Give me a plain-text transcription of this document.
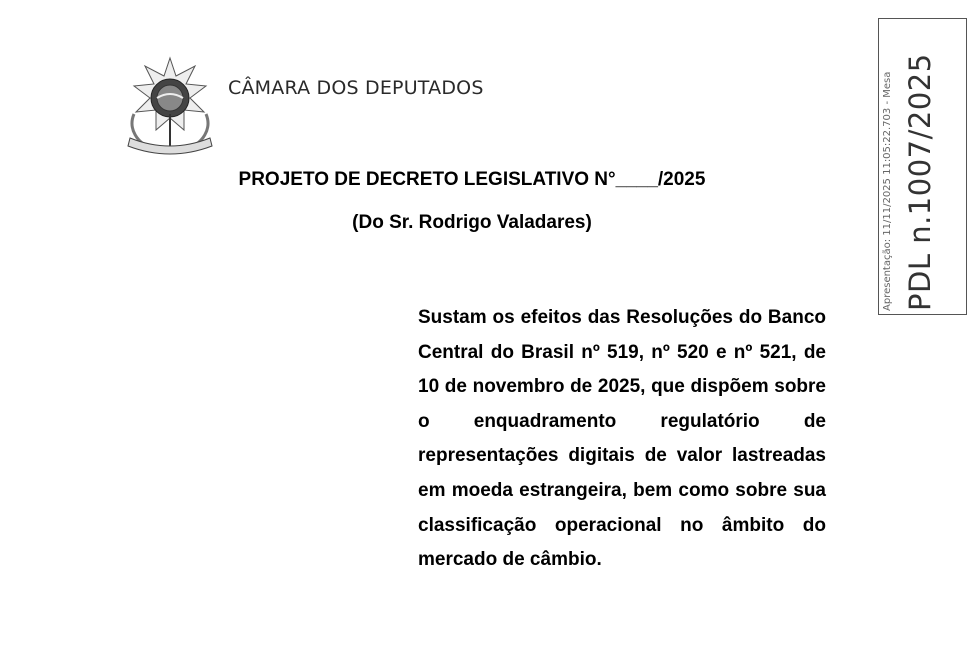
CÂMARA DOS DEPUTADOS
PROJETO DE DECRETO LEGISLATIVO N°____/2025
(Do Sr. Rodrigo Valadares)

Sustam os efeitos das Resoluções do Banco Central do Brasil nº 519, nº 520 e nº 521, de 10 de novembro de 2025, que dispõem sobre o enquadramento regulatório de representações digitais de valor lastreadas em moeda estrangeira, bem como sobre sua classificação operacional no âmbito do mercado de câmbio.

Apresentação: 11/11/2025 11:05:22.703 - Mesa PDL n.1007/2025
